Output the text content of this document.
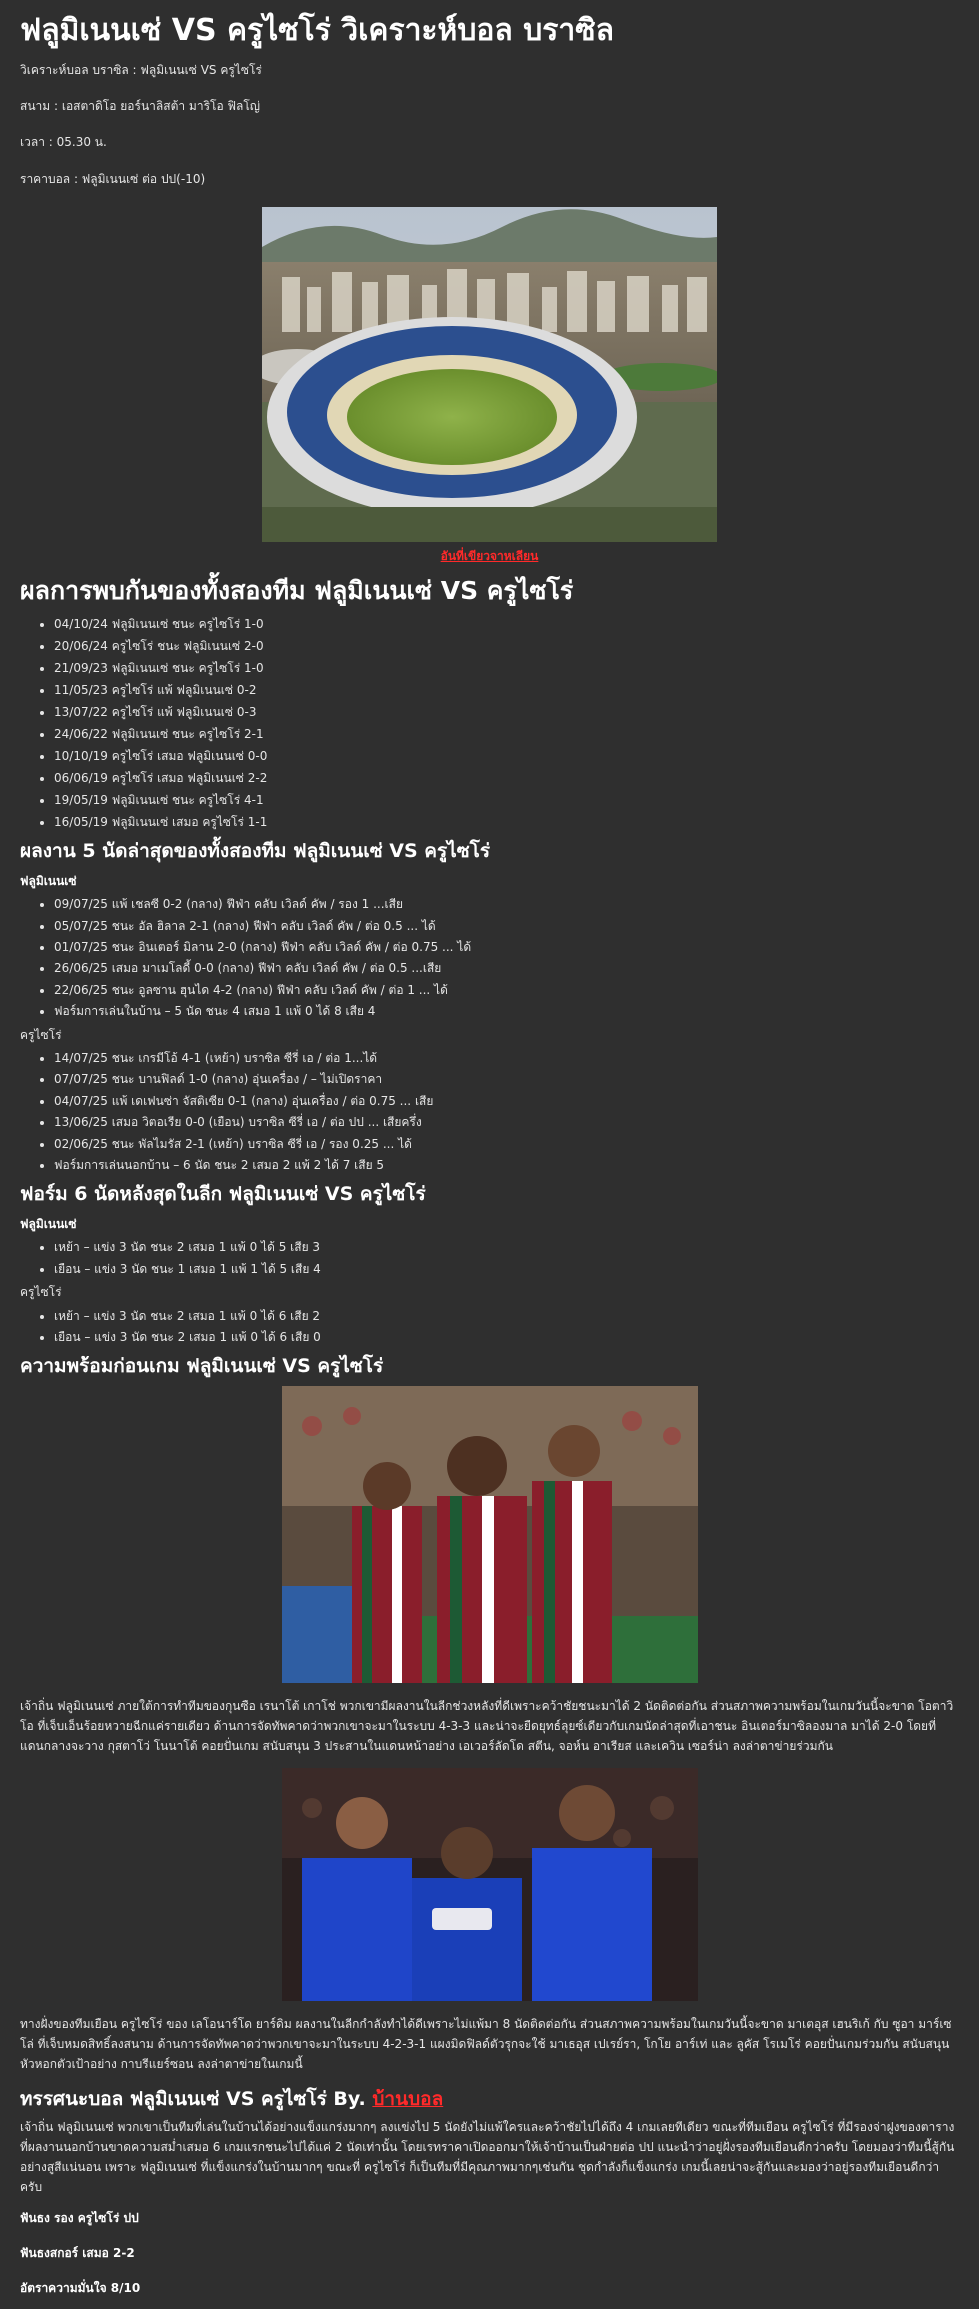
ฟลูมิเนนเซ่ VS ครูไซโร่ วิเคราะห์บอล บราซิล

วิเคราะห์บอล บราซิล : ฟลูมิเนนเซ่ VS ครูไซโร่

สนาม : เอสตาดิโอ ยอร์นาลิสต้า มาริโอ ฟิลโญ่

เวลา : 05.30 น.

ราคาบอล : ฟลูมิเนนเซ่ ต่อ ปป(-10)

อันที่เขียวจาหเลียน
ผลการพบกันของทั้งสองทีม ฟลูมิเนนเซ่ VS ครูไซโร่
• 04/10/24 ฟลูมิเนนเซ่ ชนะ ครูไซโร่ 1-0
• 20/06/24 ครูไซโร่ ชนะ ฟลูมิเนนเซ่ 2-0
• 21/09/23 ฟลูมิเนนเซ่ ชนะ ครูไซโร่ 1-0
• 11/05/23 ครูไซโร่ แพ้ ฟลูมิเนนเซ่ 0-2
• 13/07/22 ครูไซโร่ แพ้ ฟลูมิเนนเซ่ 0-3
• 24/06/22 ฟลูมิเนนเซ่ ชนะ ครูไซโร่ 2-1
• 10/10/19 ครูไซโร่ เสมอ ฟลูมิเนนเซ่ 0-0
• 06/06/19 ครูไซโร่ เสมอ ฟลูมิเนนเซ่ 2-2
• 19/05/19 ฟลูมิเนนเซ่ ชนะ ครูไซโร่ 4-1
• 16/05/19 ฟลูมิเนนเซ่ เสมอ ครูไซโร่ 1-1
ผลงาน 5 นัดล่าสุดของทั้งสองทีม ฟลูมิเนนเซ่ VS ครูไซโร่
ฟลูมิเนนเซ่
• 09/07/25 แพ้ เชลซี 0-2 (กลาง) ฟีฟ่า คลับ เวิลด์ คัพ / รอง 1 ...เสีย
• 05/07/25 ชนะ อัล ฮิลาล 2-1 (กลาง) ฟีฟ่า คลับ เวิลด์ คัพ / ต่อ 0.5 ... ได้
• 01/07/25 ชนะ อินเตอร์ มิลาน 2-0 (กลาง) ฟีฟ่า คลับ เวิลด์ คัพ / ต่อ 0.75 ... ได้
• 26/06/25 เสมอ มาเมโลดี้ 0-0 (กลาง) ฟีฟ่า คลับ เวิลด์ คัพ / ต่อ 0.5 ...เสีย
• 22/06/25 ชนะ อูลซาน ฮุนได 4-2 (กลาง) ฟีฟ่า คลับ เวิลด์ คัพ / ต่อ 1 ... ได้
• ฟอร์มการเล่นในบ้าน – 5 นัด ชนะ 4 เสมอ 1 แพ้ 0 ได้ 8 เสีย 4
ครูไซโร่
• 14/07/25 ชนะ เกรมีโอ้ 4-1 (เหย้า) บราซิล ซีรี่ เอ / ต่อ 1...ได้
• 07/07/25 ชนะ บานฟิลด์ 1-0 (กลาง) อุ่นเครื่อง / – ไม่เปิดราคา
• 04/07/25 แพ้ เดเฟนซ่า จัสติเซีย 0-1 (กลาง) อุ่นเครื่อง / ต่อ 0.75 ... เสีย
• 13/06/25 เสมอ วิตอเรีย 0-0 (เยือน) บราซิล ซีรี่ เอ / ต่อ ปป ... เสียครึ่ง
• 02/06/25 ชนะ พัลไมรัส 2-1 (เหย้า) บราซิล ซีรี่ เอ / รอง 0.25 ... ได้
• ฟอร์มการเล่นนอกบ้าน – 6 นัด ชนะ 2 เสมอ 2 แพ้ 2 ได้ 7 เสีย 5
ฟอร์ม 6 นัดหลังสุดในลีก ฟลูมิเนนเซ่ VS ครูไซโร่
ฟลูมิเนนเซ่
• เหย้า – แข่ง 3 นัด ชนะ 2 เสมอ 1 แพ้ 0 ได้ 5 เสีย 3
• เยือน – แข่ง 3 นัด ชนะ 1 เสมอ 1 แพ้ 1 ได้ 5 เสีย 4
ครูไซโร่
• เหย้า – แข่ง 3 นัด ชนะ 2 เสมอ 1 แพ้ 0 ได้ 6 เสีย 2
• เยือน – แข่ง 3 นัด ชนะ 2 เสมอ 1 แพ้ 0 ได้ 6 เสีย 0
ความพร้อมก่อนเกม ฟลูมิเนนเซ่ VS ครูไซโร่

เจ้าถิ่น ฟลูมิเนนเซ่ ภายใต้การทำทีมของกุนซือ เรนาโต้ เกาโช่ พวกเขามีผลงานในลีกช่วงหลังที่ดีเพราะคว้าชัยชนะมาได้ 2 นัดติดต่อกัน ส่วนสภาพความพร้อมในเกมวันนี้จะขาด โอตาวิโอ ที่เจ็บเอ็นร้อยหวายฉีกแค่รายเดียว ด้านการจัดทัพคาดว่าพวกเขาจะมาในระบบ 4-3-3 และน่าจะยืดยุทธ์ลุยซ์เดียวกับเกมนัดล่าสุดที่เอาชนะ อินเตอร์มาซิลองมาล มาได้ 2-0 โดยที่แดนกลางจะวาง กุสตาโว่ โนนาโต้ คอยปั่นเกม สนับสนุน 3 ประสานในแดนหน้าอย่าง เอเวอร์ลัดโด สตีน, จอห์น อาเรียส และเควิน เซอร์น่า ลงล่าตาข่ายร่วมกัน

ทางฝั่งของทีมเยือน ครูไซโร่ ของ เลโอนาร์โด ยาร์ดิม ผลงานในลีกกำลังทำได้ดีเพราะไม่แพ้มา 8 นัดติดต่อกัน ส่วนสภาพความพร้อมในเกมวันนี้จะขาด มาเตอุส เฮนริเก้ กับ ซูอา มาร์เซโล่ ที่เจ็บหมดสิทธิ์ลงสนาม ด้านการจัดทัพคาดว่าพวกเขาจะมาในระบบ 4-2-3-1 แผงมิดฟิลด์ตัวรุกจะใช้ มาเธอุส เปเรย์รา, โกโย อาร์เท่ และ ลูคัส โรเมโร่ คอยปั่นเกมร่วมกัน สนับสนุนหัวหอกตัวเป้าอย่าง กาบรีแยร์ซอน ลงล่าตาข่ายในเกมนี้

ทรรศนะบอล ฟลูมิเนนเซ่ VS ครูไซโร่ By. บ้านบอล

เจ้าถิ่น ฟลูมิเนนเซ่ พวกเขาเป็นทีมที่เล่นในบ้านได้อย่างแข็งแกร่งมากๆ ลงแข่งไป 5 นัดยังไม่แพ้ใครและคว้าชัยไปได้ถึง 4 เกมเลยทีเดียว ขณะที่ทีมเยือน ครูไซโร่ ที่มีรองจ่าฝูงของตารางที่ผลงานนอกบ้านขาดความสม่ำเสมอ 6 เกมแรกชนะไปได้แค่ 2 นัดเท่านั้น โดยเรทราคาเปิดออกมาให้เจ้าบ้านเป็นฝ่ายต่อ ปป แนะนำว่าอยู่ฝั่งรองทีมเยือนดีกว่าครับ โดยมองว่าทีมนี้สู้กันอย่างสูสีแน่นอน เพราะ ฟลูมิเนนเซ่ ที่แข็งแกร่งในบ้านมากๆ ขณะที่ ครูไซโร่ ก็เป็นทีมที่มีคุณภาพมากๆเช่นกัน ชุดกำลังก็แข็งแกร่ง เกมนี้เลยน่าจะสู้กันและมองว่าอยู่รองทีมเยือนดีกว่าครับ

ฟันธง รอง ครูไซโร่ ปป

ฟันธงสกอร์ เสมอ 2-2

อัตราความมั่นใจ 8/10
